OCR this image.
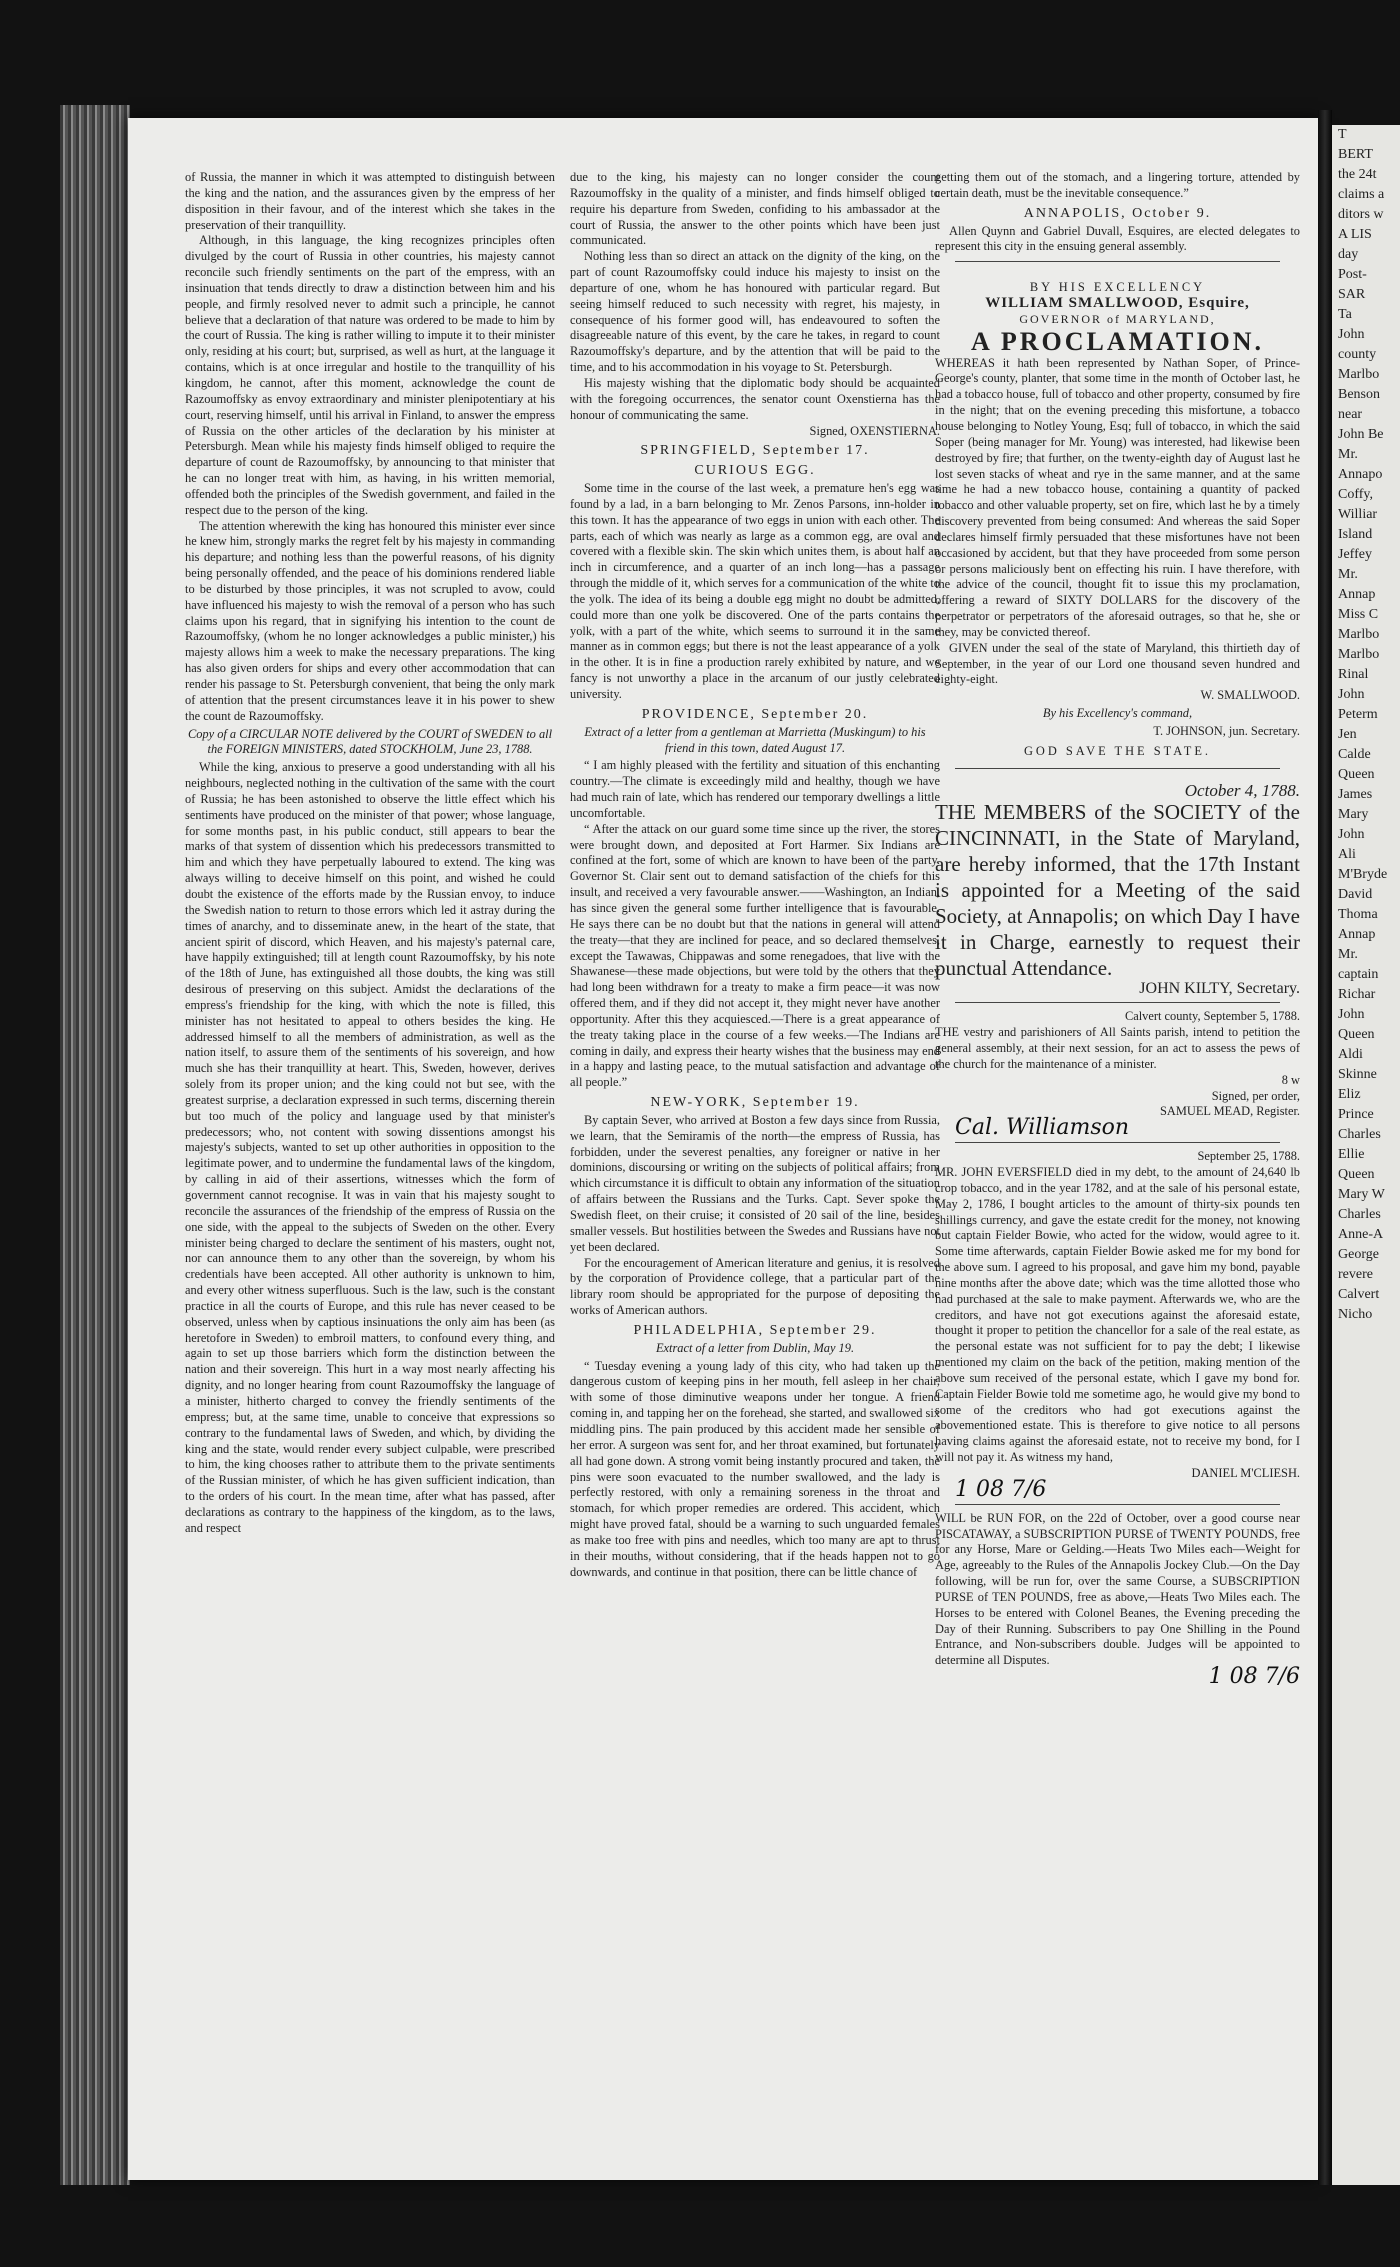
T
BERT
the 24t
claims a
ditors w
A LIS
day
Post-
SAR
Ta
John
county
Marlbo
Benson
near
John Be
Mr.
Annapo
Coffy,
Williar
Island
Jeffey
Mr.
Annap
Miss C
Marlbo
Marlbo
Rinal
John
Peterm
Jen
Calde
Queen
James
Mary
John
Ali
M'Bryde
David
Thoma
Annap
Mr.
captain
Richar
John
Queen
Aldi
Skinne
Eliz
Prince
Charles
Ellie
Queen
Mary W
Charles
Anne-A
George
revere
Calvert
Nicho

of Russia, the manner in which it was attempted to distinguish between the king and the nation, and the assurances given by the empress of her disposition in their favour, and of the interest which she takes in the preservation of their tranquillity.

Although, in this language, the king recognizes principles often divulged by the court of Russia in other countries, his majesty cannot reconcile such friendly sentiments on the part of the empress, with an insinuation that tends directly to draw a distinction between him and his people, and firmly resolved never to admit such a principle, he cannot believe that a declaration of that nature was ordered to be made to him by the court of Russia. The king is rather willing to impute it to their minister only, residing at his court; but, surprised, as well as hurt, at the language it contains, which is at once irregular and hostile to the tranquillity of his kingdom, he cannot, after this moment, acknowledge the count de Razoumoffsky as envoy extraordinary and minister plenipotentiary at his court, reserving himself, until his arrival in Finland, to answer the empress of Russia on the other articles of the declaration by his minister at Petersburgh. Mean while his majesty finds himself obliged to require the departure of count de Razoumoffsky, by announcing to that minister that he can no longer treat with him, as having, in his written memorial, offended both the principles of the Swedish government, and failed in the respect due to the person of the king.

The attention wherewith the king has honoured this minister ever since he knew him, strongly marks the regret felt by his majesty in commanding his departure; and nothing less than the powerful reasons, of his dignity being personally offended, and the peace of his dominions rendered liable to be disturbed by those principles, it was not scrupled to avow, could have influenced his majesty to wish the removal of a person who has such claims upon his regard, that in signifying his intention to the count de Razoumoffsky, (whom he no longer acknowledges a public minister,) his majesty allows him a week to make the necessary preparations. The king has also given orders for ships and every other accommodation that can render his passage to St. Petersburgh convenient, that being the only mark of attention that the present circumstances leave it in his power to shew the count de Razoumoffsky.

Copy of a CIRCULAR NOTE delivered by the COURT of SWEDEN to all the FOREIGN MINISTERS, dated STOCKHOLM, June 23, 1788.

While the king, anxious to preserve a good understanding with all his neighbours, neglected nothing in the cultivation of the same with the court of Russia; he has been astonished to observe the little effect which his sentiments have produced on the minister of that power; whose language, for some months past, in his public conduct, still appears to bear the marks of that system of dissention which his predecessors transmitted to him and which they have perpetually laboured to extend. The king was always willing to deceive himself on this point, and wished he could doubt the existence of the efforts made by the Russian envoy, to induce the Swedish nation to return to those errors which led it astray during the times of anarchy, and to disseminate anew, in the heart of the state, that ancient spirit of discord, which Heaven, and his majesty's paternal care, have happily extinguished; till at length count Razoumoffsky, by his note of the 18th of June, has extinguished all those doubts, the king was still desirous of preserving on this subject. Amidst the declarations of the empress's friendship for the king, with which the note is filled, this minister has not hesitated to appeal to others besides the king. He addressed himself to all the members of administration, as well as the nation itself, to assure them of the sentiments of his sovereign, and how much she has their tranquillity at heart. This, Sweden, however, derives solely from its proper union; and the king could not but see, with the greatest surprise, a declaration expressed in such terms, discerning therein but too much of the policy and language used by that minister's predecessors; who, not content with sowing dissentions amongst his majesty's subjects, wanted to set up other authorities in opposition to the legitimate power, and to undermine the fundamental laws of the kingdom, by calling in aid of their assertions, witnesses which the form of government cannot recognise. It was in vain that his majesty sought to reconcile the assurances of the friendship of the empress of Russia on the one side, with the appeal to the subjects of Sweden on the other. Every minister being charged to declare the sentiment of his masters, ought not, nor can announce them to any other than the sovereign, by whom his credentials have been accepted. All other authority is unknown to him, and every other witness superfluous. Such is the law, such is the constant practice in all the courts of Europe, and this rule has never ceased to be observed, unless when by captious insinuations the only aim has been (as heretofore in Sweden) to embroil matters, to confound every thing, and again to set up those barriers which form the distinction between the nation and their sovereign. This hurt in a way most nearly affecting his dignity, and no longer hearing from count Razoumoffsky the language of a minister, hitherto charged to convey the friendly sentiments of the empress; but, at the same time, unable to conceive that expressions so contrary to the fundamental laws of Sweden, and which, by dividing the king and the state, would render every subject culpable, were prescribed to him, the king chooses rather to attribute them to the private sentiments of the Russian minister, of which he has given sufficient indication, than to the orders of his court. In the mean time, after what has passed, after declarations as contrary to the happiness of the kingdom, as to the laws, and respect

due to the king, his majesty can no longer consider the count Razoumoffsky in the quality of a minister, and finds himself obliged to require his departure from Sweden, confiding to his ambassador at the court of Russia, the answer to the other points which have been just communicated.

Nothing less than so direct an attack on the dignity of the king, on the part of count Razoumoffsky could induce his majesty to insist on the departure of one, whom he has honoured with particular regard. But seeing himself reduced to such necessity with regret, his majesty, in consequence of his former good will, has endeavoured to soften the disagreeable nature of this event, by the care he takes, in regard to count Razoumoffsky's departure, and by the attention that will be paid to the time, and to his accommodation in his voyage to St. Petersburgh.

His majesty wishing that the diplomatic body should be acquainted with the foregoing occurrences, the senator count Oxenstierna has the honour of communicating the same.

Signed, OXENSTIERNA.

SPRINGFIELD, September 17.

CURIOUS EGG.

Some time in the course of the last week, a premature hen's egg was found by a lad, in a barn belonging to Mr. Zenos Parsons, inn-holder in this town. It has the appearance of two eggs in union with each other. The parts, each of which was nearly as large as a common egg, are oval and covered with a flexible skin. The skin which unites them, is about half an inch in circumference, and a quarter of an inch long—has a passage through the middle of it, which serves for a communication of the white to the yolk. The idea of its being a double egg might no doubt be admitted, could more than one yolk be discovered. One of the parts contains the yolk, with a part of the white, which seems to surround it in the same manner as in common eggs; but there is not the least appearance of a yolk in the other. It is in fine a production rarely exhibited by nature, and we fancy is not unworthy a place in the arcanum of our justly celebrated university.

PROVIDENCE, September 20.

Extract of a letter from a gentleman at Marrietta (Muskingum) to his friend in this town, dated August 17.

“ I am highly pleased with the fertility and situation of this enchanting country.—The climate is exceedingly mild and healthy, though we have had much rain of late, which has rendered our temporary dwellings a little uncomfortable.

“ After the attack on our guard some time since up the river, the stores were brought down, and deposited at Fort Harmer. Six Indians are confined at the fort, some of which are known to have been of the party. Governor St. Clair sent out to demand satisfaction of the chiefs for this insult, and received a very favourable answer.——Washington, an Indian, has since given the general some further intelligence that is favourable. He says there can be no doubt but that the nations in general will attend the treaty—that they are inclined for peace, and so declared themselves, except the Tawawas, Chippawas and some renegadoes, that live with the Shawanese—these made objections, but were told by the others that they had long been withdrawn for a treaty to make a firm peace—it was now offered them, and if they did not accept it, they might never have another opportunity. After this they acquiesced.—There is a great appearance of the treaty taking place in the course of a few weeks.—The Indians are coming in daily, and express their hearty wishes that the business may end in a happy and lasting peace, to the mutual satisfaction and advantage of all people.”

NEW-YORK, September 19.

By captain Sever, who arrived at Boston a few days since from Russia, we learn, that the Semiramis of the north—the empress of Russia, has forbidden, under the severest penalties, any foreigner or native in her dominions, discoursing or writing on the subjects of political affairs; from which circumstance it is difficult to obtain any information of the situation of affairs between the Russians and the Turks. Capt. Sever spoke the Swedish fleet, on their cruise; it consisted of 20 sail of the line, besides smaller vessels. But hostilities between the Swedes and Russians have not yet been declared.

For the encouragement of American literature and genius, it is resolved by the corporation of Providence college, that a particular part of the library room should be appropriated for the purpose of depositing the works of American authors.

PHILADELPHIA, September 29.

Extract of a letter from Dublin, May 19.

“ Tuesday evening a young lady of this city, who had taken up the dangerous custom of keeping pins in her mouth, fell asleep in her chair, with some of those diminutive weapons under her tongue. A friend coming in, and tapping her on the forehead, she started, and swallowed six middling pins. The pain produced by this accident made her sensible of her error. A surgeon was sent for, and her throat examined, but fortunately all had gone down. A strong vomit being instantly procured and taken, the pins were soon evacuated to the number swallowed, and the lady is perfectly restored, with only a remaining soreness in the throat and stomach, for which proper remedies are ordered. This accident, which might have proved fatal, should be a warning to such unguarded females as make too free with pins and needles, which too many are apt to thrust in their mouths, without considering, that if the heads happen not to go downwards, and continue in that position, there can be little chance of

getting them out of the stomach, and a lingering torture, attended by certain death, must be the inevitable consequence.”

ANNAPOLIS, October 9.

Allen Quynn and Gabriel Duvall, Esquires, are elected delegates to represent this city in the ensuing general assembly.

BY HIS EXCELLENCY

WILLIAM SMALLWOOD, Esquire,

GOVERNOR of MARYLAND,

A PROCLAMATION.

WHEREAS it hath been represented by Nathan Soper, of Prince-George's county, planter, that some time in the month of October last, he had a tobacco house, full of tobacco and other property, consumed by fire in the night; that on the evening preceding this misfortune, a tobacco house belonging to Notley Young, Esq; full of tobacco, in which the said Soper (being manager for Mr. Young) was interested, had likewise been destroyed by fire; that further, on the twenty-eighth day of August last he lost seven stacks of wheat and rye in the same manner, and at the same time he had a new tobacco house, containing a quantity of packed tobacco and other valuable property, set on fire, which last he by a timely discovery prevented from being consumed: And whereas the said Soper declares himself firmly persuaded that these misfortunes have not been occasioned by accident, but that they have proceeded from some person or persons maliciously bent on effecting his ruin. I have therefore, with the advice of the council, thought fit to issue this my proclamation, offering a reward of SIXTY DOLLARS for the discovery of the perpetrator or perpetrators of the aforesaid outrages, so that he, she or they, may be convicted thereof.

GIVEN under the seal of the state of Maryland, this thirtieth day of September, in the year of our Lord one thousand seven hundred and eighty-eight.

W. SMALLWOOD.

By his Excellency's command,

T. JOHNSON, jun. Secretary.

GOD SAVE THE STATE.

October 4, 1788.

THE MEMBERS of the SOCIETY of the CINCINNATI, in the State of Maryland, are hereby informed, that the 17th Instant is appointed for a Meeting of the said Society, at Annapolis; on which Day I have it in Charge, earnestly to request their punctual Attendance.

JOHN KILTY, Secretary.

Calvert county, September 5, 1788.

THE vestry and parishioners of All Saints parish, intend to petition the general assembly, at their next session, for an act to assess the pews of the church for the maintenance of a minister.

8 w

Signed, per order,

SAMUEL MEAD, Register.

Cal. Williamson

September 25, 1788.

MR. JOHN EVERSFIELD died in my debt, to the amount of 24,640 lb crop tobacco, and in the year 1782, and at the sale of his personal estate, May 2, 1786, I bought articles to the amount of thirty-six pounds ten shillings currency, and gave the estate credit for the money, not knowing but captain Fielder Bowie, who acted for the widow, would agree to it. Some time afterwards, captain Fielder Bowie asked me for my bond for the above sum. I agreed to his proposal, and gave him my bond, payable nine months after the above date; which was the time allotted those who had purchased at the sale to make payment. Afterwards we, who are the creditors, and have not got executions against the aforesaid estate, thought it proper to petition the chancellor for a sale of the real estate, as the personal estate was not sufficient for to pay the debt; I likewise mentioned my claim on the back of the petition, making mention of the above sum received of the personal estate, which I gave my bond for. Captain Fielder Bowie told me sometime ago, he would give my bond to some of the creditors who had got executions against the abovementioned estate. This is therefore to give notice to all persons having claims against the aforesaid estate, not to receive my bond, for I will not pay it. As witness my hand,

DANIEL M'CLIESH.

1 08 7/6

WILL be RUN FOR, on the 22d of October, over a good course near PISCATAWAY, a SUBSCRIPTION PURSE of TWENTY POUNDS, free for any Horse, Mare or Gelding.—Heats Two Miles each—Weight for Age, agreeably to the Rules of the Annapolis Jockey Club.—On the Day following, will be run for, over the same Course, a SUBSCRIPTION PURSE of TEN POUNDS, free as above,—Heats Two Miles each. The Horses to be entered with Colonel Beanes, the Evening preceding the Day of their Running. Subscribers to pay One Shilling in the Pound Entrance, and Non-subscribers double. Judges will be appointed to determine all Disputes.

1 08 7/6
